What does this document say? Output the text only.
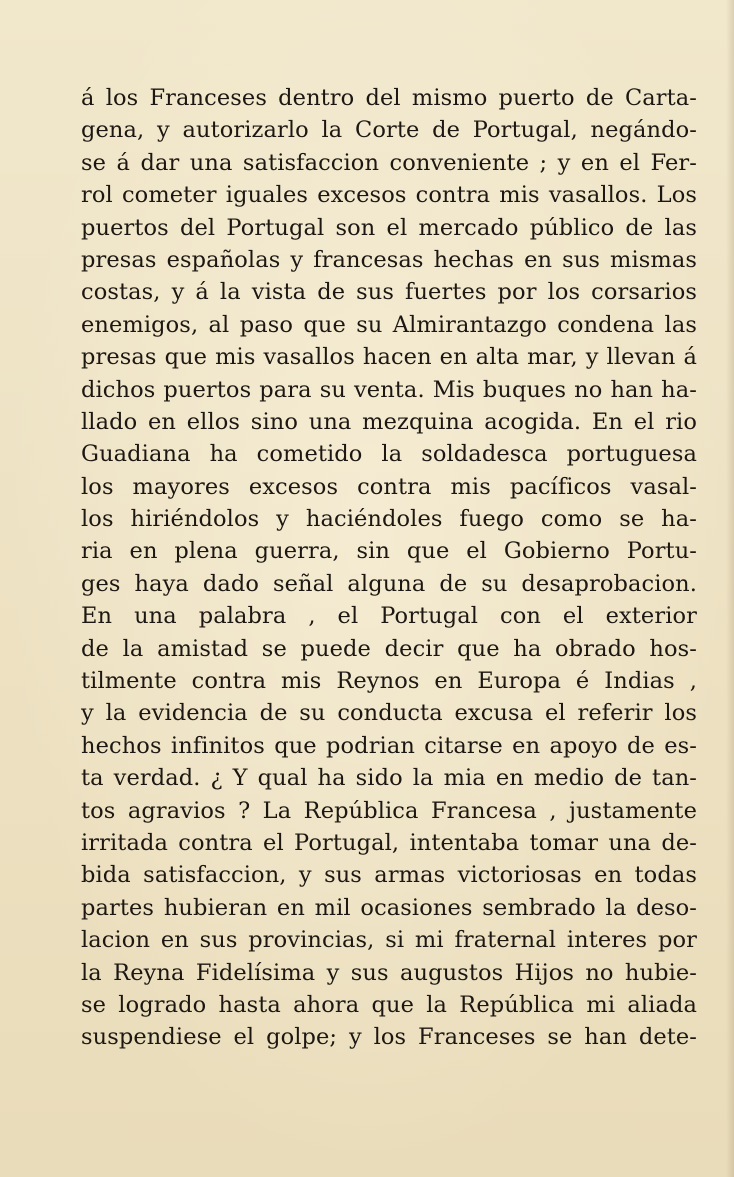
á los Franceses dentro del mismo puerto de Carta-
gena, y autorizarlo la Corte de Portugal, negándo-
se á dar una satisfaccion conveniente ; y en el Fer-
rol cometer iguales excesos contra mis vasallos. Los
puertos del Portugal son el mercado público de las
presas españolas y francesas hechas en sus mismas
costas, y á la vista de sus fuertes por los corsarios
enemigos, al paso que su Almirantazgo condena las
presas que mis vasallos hacen en alta mar, y llevan á
dichos puertos para su venta. Mis buques no han ha-
llado en ellos sino una mezquina acogida. En el rio
Guadiana ha cometido la soldadesca portuguesa
los mayores excesos contra mis pacíficos vasal-
los hiriéndolos y haciéndoles fuego como se ha-
ria en plena guerra, sin que el Gobierno Portu-
ges haya dado señal alguna de su desaprobacion.
En una palabra , el Portugal con el exterior
de la amistad se puede decir que ha obrado hos-
tilmente contra mis Reynos en Europa é Indias ,
y la evidencia de su conducta excusa el referir los
hechos infinitos que podrian citarse en apoyo de es-
ta verdad. ¿ Y qual ha sido la mia en medio de tan-
tos agravios ? La República Francesa , justamente
irritada contra el Portugal, intentaba tomar una de-
bida satisfaccion, y sus armas victoriosas en todas
partes hubieran en mil ocasiones sembrado la deso-
lacion en sus provincias, si mi fraternal interes por
la Reyna Fidelísima y sus augustos Hijos no hubie-
se logrado hasta ahora que la República mi aliada
suspendiese el golpe; y los Franceses se han dete-
